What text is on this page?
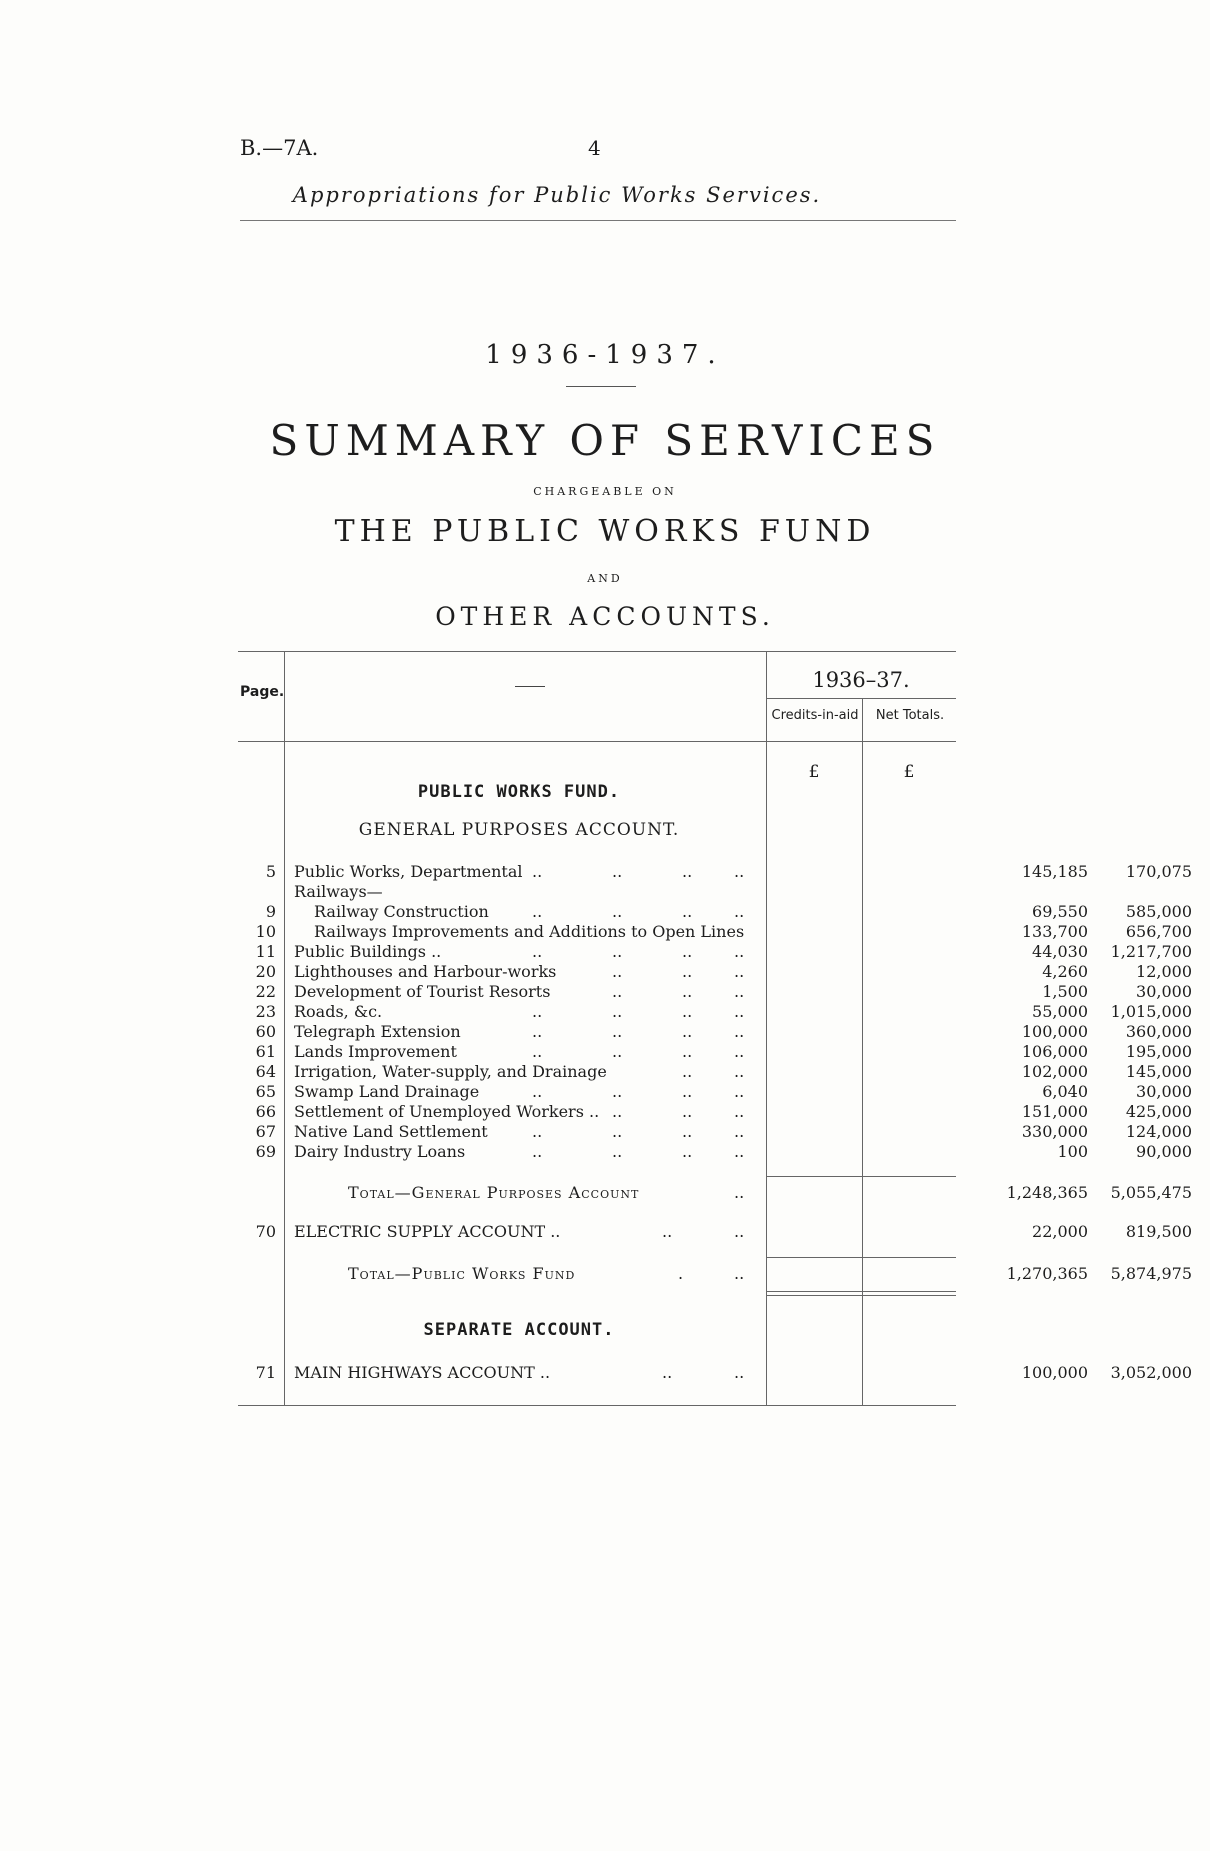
B.—7A.	4
Appropriations for Public Works Services.
1936-1937.
SUMMARY OF SERVICES
CHARGEABLE ON
THE PUBLIC WORKS FUND
AND
OTHER ACCOUNTS.
Page.	1936–37.
Credits-in-aid	Net Totals.
£	£
PUBLIC WORKS FUND.
GENERAL PURPOSES ACCOUNT.
5 Public Works, Departmental	145,185	170,075
..	..	..	..
Railways—
9 Railway Construction	69,550	585,000
..	..	..	..
10 Railways Improvements and Additions to Open Lines	133,700	656,700
11 Public Buildings ..	44,030	1,217,700
..	..	..	..
20 Lighthouses and Harbour-works	4,260	12,000
..	..	..
22 Development of Tourist Resorts	1,500	30,000
..	..	..
23 Roads, &c.	55,000	1,015,000
..	..	..	..
60 Telegraph Extension	100,000	360,000
..	..	..	..
61 Lands Improvement	106,000	195,000
..	..	..	..
64 Irrigation, Water-supply, and Drainage	102,000	145,000
..	..
65 Swamp Land Drainage	6,040	30,000
..	..	..	..
66 Settlement of Unemployed Workers ..	151,000	425,000
..	..	..
67 Native Land Settlement	330,000	124,000
..	..	..	..
69 Dairy Industry Loans	100	90,000
..	..	..	..
Total—General Purposes Account	..	1,248,365	5,055,475
70 ELECTRIC SUPPLY ACCOUNT ..	..	..	22,000	819,500
Total—Public Works Fund	.	..	1,270,365	5,874,975
SEPARATE ACCOUNT.
71 MAIN HIGHWAYS ACCOUNT ..	..	..	100,000	3,052,000
